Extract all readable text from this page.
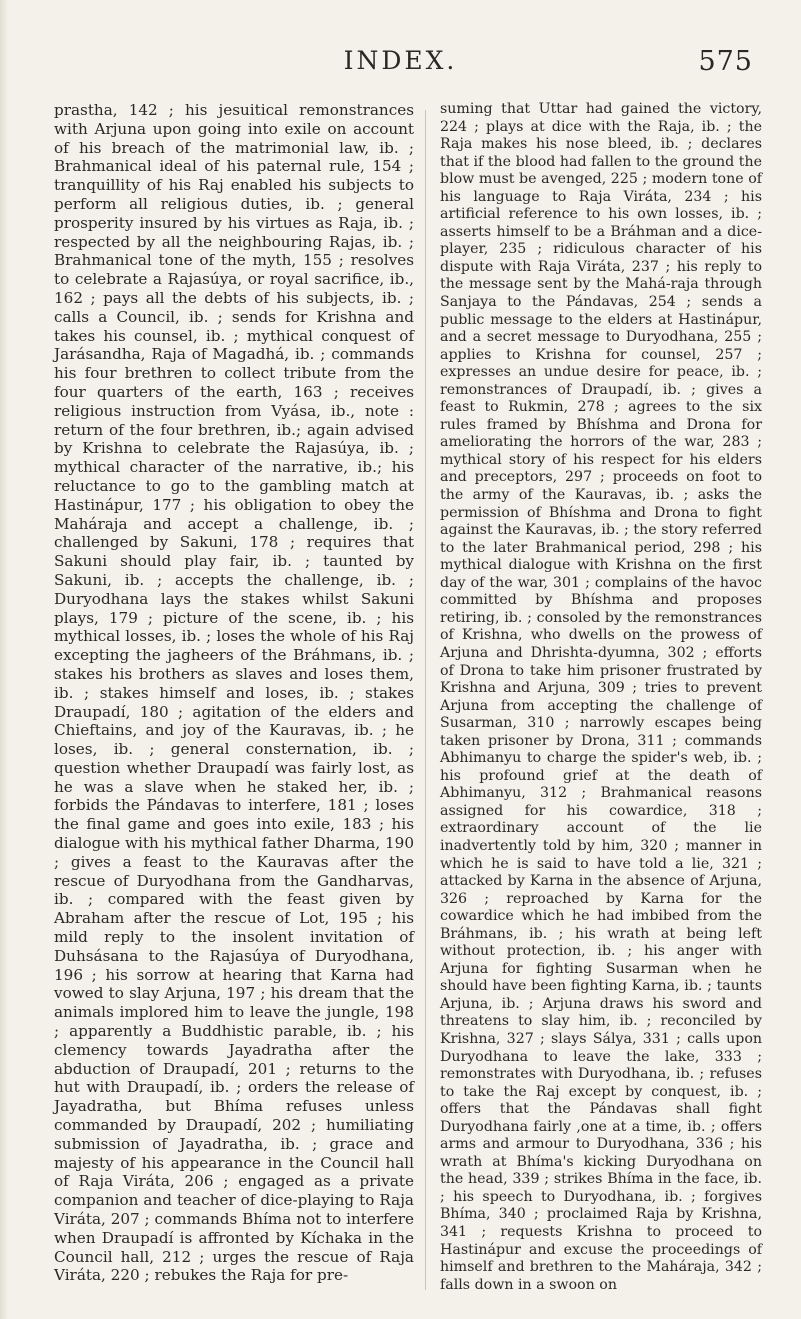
INDEX.	575

prastha, 142 ; his jesuitical remonstrances with Arjuna upon going into exile on account of his breach of the matrimonial law, ib. ; Brahmanical ideal of his paternal rule, 154 ; tranquillity of his Raj enabled his subjects to perform all religious duties, ib. ; general prosperity insured by his virtues as Raja, ib. ; respected by all the neighbouring Rajas, ib. ; Brahmanical tone of the myth, 155 ; resolves to celebrate a Rajasúya, or royal sacrifice, ib., 162 ; pays all the debts of his subjects, ib. ; calls a Council, ib. ; sends for Krishna and takes his counsel, ib. ; mythical conquest of Jarásandha, Raja of Magadhá, ib. ; commands his four brethren to collect tribute from the four quarters of the earth, 163 ; receives religious instruction from Vyása, ib., note : return of the four brethren, ib.; again advised by Krishna to celebrate the Rajasúya, ib. ; mythical character of the narrative, ib.; his reluctance to go to the gambling match at Hastinápur, 177 ; his obligation to obey the Maháraja and accept a challenge, ib. ; challenged by Sakuni, 178 ; requires that Sakuni should play fair, ib. ; taunted by Sakuni, ib. ; accepts the challenge, ib. ; Duryodhana lays the stakes whilst Sakuni plays, 179 ; picture of the scene, ib. ; his mythical losses, ib. ; loses the whole of his Raj excepting the jagheers of the Bráhmans, ib. ; stakes his brothers as slaves and loses them, ib. ; stakes himself and loses, ib. ; stakes Draupadí, 180 ; agitation of the elders and Chieftains, and joy of the Kauravas, ib. ; he loses, ib. ; general consternation, ib. ; question whether Draupadí was fairly lost, as he was a slave when he staked her, ib. ; forbids the Pándavas to interfere, 181 ; loses the final game and goes into exile, 183 ; his dialogue with his mythical father Dharma, 190 ; gives a feast to the Kauravas after the rescue of Duryodhana from the Gandharvas, ib. ; compared with the feast given by Abraham after the rescue of Lot, 195 ; his mild reply to the insolent invitation of Duhsásana to the Rajasúya of Duryodhana, 196 ; his sorrow at hearing that Karna had vowed to slay Arjuna, 197 ; his dream that the animals implored him to leave the jungle, 198 ; apparently a Buddhistic parable, ib. ; his clemency towards Jayadratha after the abduction of Draupadí, 201 ; returns to the hut with Draupadí, ib. ; orders the release of Jayadratha, but Bhíma refuses unless commanded by Draupadí, 202 ; humiliating submission of Jayadratha, ib. ; grace and majesty of his appearance in the Council hall of Raja Viráta, 206 ; engaged as a private companion and teacher of dice-playing to Raja Viráta, 207 ; commands Bhíma not to interfere when Draupadí is affronted by Kíchaka in the Council hall, 212 ; urges the rescue of Raja Viráta, 220 ; rebukes the Raja for pre-

suming that Uttar had gained the victory, 224 ; plays at dice with the Raja, ib. ; the Raja makes his nose bleed, ib. ; declares that if the blood had fallen to the ground the blow must be avenged, 225 ; modern tone of his language to Raja Viráta, 234 ; his artificial reference to his own losses, ib. ; asserts himself to be a Bráhman and a dice-player, 235 ; ridiculous character of his dispute with Raja Viráta, 237 ; his reply to the message sent by the Mahá-raja through Sanjaya to the Pándavas, 254 ; sends a public message to the elders at Hastinápur, and a secret message to Duryodhana, 255 ; applies to Krishna for counsel, 257 ; expresses an undue desire for peace, ib. ; remonstrances of Draupadí, ib. ; gives a feast to Rukmin, 278 ; agrees to the six rules framed by Bhíshma and Drona for ameliorating the horrors of the war, 283 ; mythical story of his respect for his elders and preceptors, 297 ; proceeds on foot to the army of the Kauravas, ib. ; asks the permission of Bhíshma and Drona to fight against the Kauravas, ib. ; the story referred to the later Brahmanical period, 298 ; his mythical dialogue with Krishna on the first day of the war, 301 ; complains of the havoc committed by Bhíshma and proposes retiring, ib. ; consoled by the remonstrances of Krishna, who dwells on the prowess of Arjuna and Dhrishta-dyumna, 302 ; efforts of Drona to take him prisoner frustrated by Krishna and Arjuna, 309 ; tries to prevent Arjuna from accepting the challenge of Susarman, 310 ; narrowly escapes being taken prisoner by Drona, 311 ; commands Abhimanyu to charge the spider's web, ib. ; his profound grief at the death of Abhimanyu, 312 ; Brahmanical reasons assigned for his cowardice, 318 ; extraordinary account of the lie inadvertently told by him, 320 ; manner in which he is said to have told a lie, 321 ; attacked by Karna in the absence of Arjuna, 326 ; reproached by Karna for the cowardice which he had imbibed from the Bráhmans, ib. ; his wrath at being left without protection, ib. ; his anger with Arjuna for fighting Susarman when he should have been fighting Karna, ib. ; taunts Arjuna, ib. ; Arjuna draws his sword and threatens to slay him, ib. ; reconciled by Krishna, 327 ; slays Sályа, 331 ; calls upon Duryodhana to leave the lake, 333 ; remonstrates with Duryodhana, ib. ; refuses to take the Raj except by conquest, ib. ; offers that the Pándavas shall fight Duryodhana fairly ,one at a time, ib. ; offers arms and armour to Duryodhana, 336 ; his wrath at Bhíma's kicking Duryodhana on the head, 339 ; strikes Bhíma in the face, ib. ; his speech to Duryodhana, ib. ; forgives Bhíma, 340 ; proclaimed Raja by Krishna, 341 ; requests Krishna to proceed to Hastinápur and excuse the proceedings of himself and brethren to the Maháraja, 342 ; falls down in a swoon on
